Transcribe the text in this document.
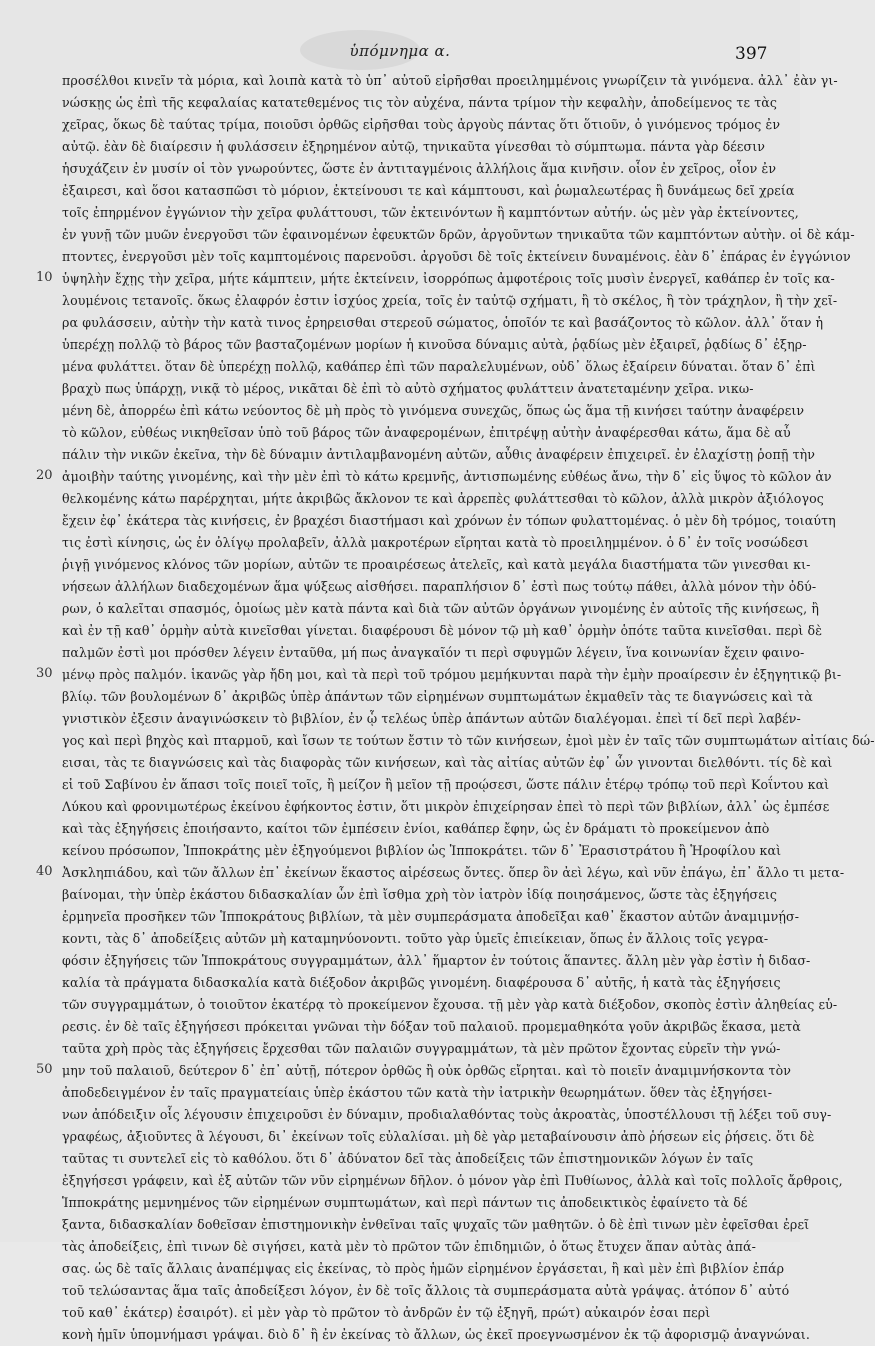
ὑπόμνημα α.	397
10
20
30
40
50
προσέλθοι κινεῖν τὰ μόρια, καὶ λοιπὰ κατὰ τὸ ὑπ᾽ αὐτοῦ εἰρῆσθαι προειλημμένοις γνωρίζειν τὰ γινόμενα. ἀλλ᾽ ἐὰν γι-
νώσκῃς ὡς ἐπὶ τῆς κεφαλαίας κατατεθεμένος τις τὸν αὐχένα, πάντα τρίμον τὴν κεφαλὴν, ἀποδείμενος τε τὰς
χεῖρας, ὅκως δὲ ταύτας τρίμα, ποιοῦσι ὀρθῶς εἰρῆσθαι τοὺς ἀργοὺς πάντας ὅτι ὅτιοῦν, ὁ γινόμενος τρόμος ἐν
αὐτῷ. ἐὰν δὲ διαίρεσιν ἡ φυλάσσειν ἐξηρημένον αὐτῷ, τηνικαῦτα γίνεσθαι τὸ σύμπτωμα. πάντα γὰρ δέεσιν
ἡσυχάζειν ἐν μυσίν οἱ τὸν γνωρούντες, ὥστε ἐν ἀντιταγμένοις ἀλλήλοις ἅμα κινῆσιν. οἷον ἐν χεῖρος, οἷον ἐν
ἐξαιρεσι, καὶ ὅσοι κατασπῶσι τὸ μόριον, ἐκτείνουσι τε καὶ κάμπτουσι, καὶ ῥωμαλεωτέρας ἢ δυνάμεως δεῖ χρεία
τοῖς ἐπηρμένον ἐγγώνιον τὴν χεῖρα φυλάττουσι, τῶν ἐκτεινόντων ἢ καμπτόντων αὐτήν. ὡς μὲν γὰρ ἐκτείνοντες,
ἐν γυνῇ τῶν μυῶν ἐνεργοῦσι τῶν ἐφαινομένων ἐφευκτῶν δρῶν, ἀργοῦντων τηνικαῦτα τῶν καμπτόντων αὐτὴν. οἱ δὲ κάμ-
πτοντες, ἐνεργοῦσι μὲν τοῖς καμπτομένοις παρενοῦσι. ἀργοῦσι δὲ τοῖς ἐκτείνειν δυναμένοις. ἐὰν δ᾽ ἐπάρας ἐν ἐγγώνιον
ὑψηλὴν ἔχῃς τὴν χεῖρα, μήτε κάμπτειν, μήτε ἐκτείνειν, ἰσορρόπως ἀμφοτέροις τοῖς μυσὶν ἐνεργεῖ, καθάπερ ἐν τοῖς κα-
λουμένοις τετανοῖς. ὅκως ἐλαφρόν ἐστιν ἰσχύος χρεία, τοῖς ἐν ταὐτῷ σχήματι, ἢ τὸ σκέλος, ἢ τὸν τράχηλον, ἢ τὴν χεῖ-
ρα φυλάσσειν, αὐτὴν τὴν κατὰ τινος ἐρηρεισθαι στερεοῦ σώματος, ὁποῖόν τε καὶ βασάζοντος τὸ κῶλον. ἀλλ᾽ ὅταν ἡ
ὑπερέχῃ πολλῷ τὸ βάρος τῶν βασταζομένων μορίων ἡ κινοῦσα δύναμις αὐτὰ, ῥᾳδίως μὲν ἐξαιρεῖ, ῥᾳδίως δ᾽ ἐξηρ-
μένα φυλάττει. ὅταν δὲ ὑπερέχῃ πολλῷ, καθάπερ ἐπὶ τῶν παραλελυμένων, οὐδ᾽ ὅλως ἐξαίρειν δύναται. ὅταν δ᾽ ἐπὶ
βραχὺ πως ὑπάρχῃ, νικᾷ τὸ μέρος, νικᾶται δὲ ἐπὶ τὸ αὐτὸ σχήματος φυλάττειν ἀνατεταμένην χεῖρα. νικω-
μένη δὲ, ἀπορρέω ἐπὶ κάτω νεύοντος δὲ μὴ πρὸς τὸ γινόμενα συνεχῶς, ὅπως ὡς ἅμα τῇ κινήσει ταύτην ἀναφέρειν
τὸ κῶλον, εὐθέως νικηθεῖσαν ὑπὸ τοῦ βάρος τῶν ἀναφερομένων, ἐπιτρέψῃ αὐτὴν ἀναφέρεσθαι κάτω, ἅμα δὲ αὖ
πάλιν τὴν νικῶν ἐκεῖνα, τὴν δὲ δύναμιν ἀντιλαμβανομένη αὐτῶν, αὖθις ἀναφέρειν ἐπιχειρεῖ. ἐν ἐλαχίστῃ ῥοπῇ τὴν
ἀμοιβὴν ταύτης γινομένης, καὶ τὴν μὲν ἐπὶ τὸ κάτω κρεμνῆς, ἀντισπωμένης εὐθέως ἄνω, τὴν δ᾽ εἰς ὕψος τὸ κῶλον ἀν
θελκομένης κάτω παρέρχηται, μήτε ἀκριβῶς ἄκλονον τε καὶ ἀρρεπὲς φυλάττεσθαι τὸ κῶλον, ἀλλὰ μικρὸν ἀξιόλογος
ἔχειν ἐφ᾽ ἑκάτερα τὰς κινήσεις, ἐν βραχέσι διαστήμασι καὶ χρόνων ἐν τόπων φυλαττομένας. ὁ μὲν δὴ τρόμος, τοιαύτη
τις ἐστὶ κίνησις, ὡς ἐν ὀλίγῳ προλαβεῖν, ἀλλὰ μακροτέρων εἴρηται κατὰ τὸ προειλημμένον. ὁ δ᾽ ἐν τοῖς νοσώδεσι
ῥιγῇ γινόμενος κλόνος τῶν μορίων, αὐτῶν τε προαιρέσεως ἀτελεῖς, καὶ κατὰ μεγάλα διαστήματα τῶν γινεσθαι κι-
νήσεων ἀλλήλων διαδεχομένων ἅμα ψύξεως αἰσθήσει. παραπλήσιον δ᾽ ἐστὶ πως τούτῳ πάθει, ἀλλὰ μόνον τὴν ὀδύ-
ρων, ὁ καλεῖται σπασμός, ὁμοίως μὲν κατὰ πάντα καὶ διὰ τῶν αὐτῶν ὀργάνων γινομένης ἐν αὐτοῖς τῆς κινήσεως, ἢ
καὶ ἐν τῇ καθ᾽ ὁρμὴν αὐτὰ κινεῖσθαι γίνεται. διαφέρουσι δὲ μόνον τῷ μὴ καθ᾽ ὁρμὴν ὁπότε ταῦτα κινεῖσθαι. περὶ δὲ
παλμῶν ἐστὶ μοι πρόσθεν λέγειν ἐνταῦθα, μή πως ἀναγκαῖόν τι περὶ σφυγμῶν λέγειν, ἵνα κοινωνίαν ἔχειν φαινο-
μένῳ πρὸς παλμόν. ἱκανῶς γὰρ ἤδη μοι, καὶ τὰ περὶ τοῦ τρόμου μεμήκυνται παρὰ τὴν ἐμὴν προαίρεσιν ἐν ἐξηγητικῷ βι-
βλίῳ. τῶν βουλομένων δ᾽ ἀκριβῶς ὑπὲρ ἁπάντων τῶν εἰρημένων συμπτωμάτων ἐκμαθεῖν τὰς τε διαγνώσεις καὶ τὰ
γνιστικὸν ἐξεσιν ἀναγινώσκειν τὸ βιβλίον, ἐν ᾧ τελέως ὑπὲρ ἁπάντων αὐτῶν διαλέγομαι. ἐπεὶ τί δεῖ περὶ λαβέν-
γος καὶ περὶ βηχὸς καὶ πταρμοῦ, καὶ ἴσων τε τούτων ἔστιν τὸ τῶν κινήσεων, ἐμοὶ μὲν ἐν ταῖς τῶν συμπτωμάτων αἰτίαις δώ-
εισαι, τὰς τε διαγνώσεις καὶ τὰς διαφορὰς τῶν κινήσεων, καὶ τὰς αἰτίας αὐτῶν ἐφ᾽ ὧν γινονται διελθόντι. τίς δὲ καὶ
εἰ τοῦ Σαβίνου ἐν ἅπασι τοῖς ποιεῖ τοῖς, ἢ μείζον ἢ μεῖον τῇ προῴσεσι, ὥστε πάλιν ἑτέρῳ τρόπῳ τοῦ περὶ Κοΐντου καὶ
Λύκου καὶ φρονιμωτέρως ἐκείνου ἐφήκοντος ἐστιν, ὅτι μικρὸν ἐπιχείρησαν ἐπεὶ τὸ περὶ τῶν βιβλίων, ἀλλ᾽ ὡς ἐμπέσε
καὶ τὰς ἐξηγήσεις ἐποιήσαντο, καίτοι τῶν ἐμπέσειν ἐνίοι, καθάπερ ἔφην, ὡς ἐν δράματι τὸ προκείμενον ἀπὸ
κείνου πρόσωπον, Ἱπποκράτης μὲν ἐξηγούμενοι βιβλίον ὡς Ἱπποκράτει. τῶν δ᾽ Ἐρασιστράτου ἢ Ἡροφίλου καὶ
Ἀσκληπιάδου, καὶ τῶν ἄλλων ἐπ᾽ ἐκείνων ἕκαστος αἱρέσεως ὄντες. ὅπερ ὂν ἀεὶ λέγω, καὶ νῦν ἐπάγω, ἐπ᾽ ἄλλο τι μετα-
βαίνομαι, τὴν ὑπὲρ ἑκάστου διδασκαλίαν ὧν ἐπὶ ἴσθμα χρὴ τὸν ἰατρὸν ἰδίᾳ ποιησάμενος, ὥστε τὰς ἐξηγήσεις
ἑρμηνεῖα προσῆκεν τῶν Ἱπποκράτους βιβλίων, τὰ μὲν συμπεράσματα ἀποδεῖξαι καθ᾽ ἕκαστον αὐτῶν ἀναμιμνῄσ-
κοντι, τὰς δ᾽ ἀποδείξεις αὐτῶν μὴ καταμηνύονοντι. τοῦτο γὰρ ὑμεῖς ἐπιείκειαν, ὅπως ἐν ἄλλοις τοῖς γεγρα-
φόσιν ἐξηγήσεις τῶν Ἱπποκράτους συγγραμμάτων, ἀλλ᾽ ἥμαρτον ἐν τούτοις ἅπαντες. ἄλλη μὲν γὰρ ἐστὶν ἡ διδασ-
καλία τὰ πράγματα διδασκαλία κατὰ διέξοδον ἀκριβῶς γινομένη. διαφέρουσα δ᾽ αὐτῆς, ἡ κατὰ τὰς ἐξηγήσεις
τῶν συγγραμμάτων, ὁ τοιοῦτον ἑκατέρᾳ τὸ προκείμενον ἔχουσα. τῇ μὲν γὰρ κατὰ διέξοδον, σκοπὸς ἐστὶν ἀληθείας εὑ-
ρεσις. ἐν δὲ ταῖς ἐξηγήσεσι πρόκειται γνῶναι τὴν δόξαν τοῦ παλαιοῦ. προμεμαθηκότα γοῦν ἀκριβῶς ἕκασα, μετὰ
ταῦτα χρὴ πρὸς τὰς ἐξηγήσεις ἔρχεσθαι τῶν παλαιῶν συγγραμμάτων, τὰ μὲν πρῶτον ἔχοντας εὑρεῖν τὴν γνώ-
μην τοῦ παλαιοῦ, δεύτερον δ᾽ ἐπ᾽ αὐτῇ, πότερον ὀρθῶς ἢ οὐκ ὀρθῶς εἴρηται. καὶ τὸ ποιεῖν ἀναμιμνήσκοντα τὸν
ἀποδεδειγμένον ἐν ταῖς πραγματείαις ὑπὲρ ἑκάστου τῶν κατὰ τὴν ἰατρικὴν θεωρημάτων. ὅθεν τὰς ἐξηγήσει-
νων ἀπόδειξιν οἷς λέγουσιν ἐπιχειροῦσι ἐν δύναμιν, προδιαλαθόντας τοὺς ἀκροατὰς, ὑποστέλλουσι τῇ λέξει τοῦ συγ-
γραφέως, ἀξιοῦντες ἃ λέγουσι, δι᾽ ἐκείνων τοῖς εὐλαλίσαι. μὴ δὲ γὰρ μεταβαίνουσιν ἀπὸ ῥήσεων εἰς ῥήσεις. ὅτι δὲ
ταῦτας τι συντελεῖ εἰς τὸ καθόλου. ὅτι δ᾽ ἀδύνατον δεῖ τὰς ἀποδείξεις τῶν ἐπιστημονικῶν λόγων ἐν ταῖς
ἐξηγήσεσι γράφειν, καὶ ἐξ αὐτῶν τῶν νῦν εἰρημένων δῆλον. ὁ μόνον γὰρ ἐπὶ Πυθίωνος, ἀλλὰ καὶ τοῖς πολλοῖς ἄρθροις,
Ἱπποκράτης μεμνημένος τῶν εἰρημένων συμπτωμάτων, καὶ περὶ πάντων τις ἀποδεικτικὸς ἐφαίνετο τὰ δέ
ξαντα, διδασκαλίαν δοθεῖσαν ἐπιστημονικὴν ἐνθεῖναι ταῖς ψυχαῖς τῶν μαθητῶν. ὁ δὲ ἐπὶ τινων μὲν ἐφεῖσθαι ἐρεῖ
τὰς ἀποδείξεις, ἐπὶ τινων δὲ σιγήσει, κατὰ μὲν τὸ πρῶτον τῶν ἐπιδημιῶν, ὁ ὅτως ἔτυχεν ἅπαν αὐτὰς ἀπά-
σας. ὡς δὲ ταῖς ἄλλαις ἀναπέμψας εἰς ἐκείνας, τὸ πρὸς ἡμῶν εἰρημένον ἐργάσεται, ἢ καὶ μὲν ἐπὶ βιβλίον ἐπάρ
τοῦ τελώσαντας ἅμα ταῖς ἀποδείξεσι λόγον, ἐν δὲ τοῖς ἄλλοις τὰ συμπεράσματα αὐτὰ γράψας. ἀτόπον δ᾽ αὐτό
τοῦ καθ᾽ ἑκάτερ) ἐσαιρότ). εἰ μὲν γὰρ τὸ πρῶτον τὸ ἀνδρῶν ἐν τῷ ἐξηγῆ, πρώτ) αὐκαιρόν ἐσαι περὶ
κονὴ ἡμῖν ὑπομνήμασι γράψαι. διὸ δ᾽ ἢ ἐν ἐκείνας τὸ ἄλλων, ὡς ἐκεῖ προεγνωσμένον ἐκ τῷ ἀφορισμῷ ἀναγνώναι.
